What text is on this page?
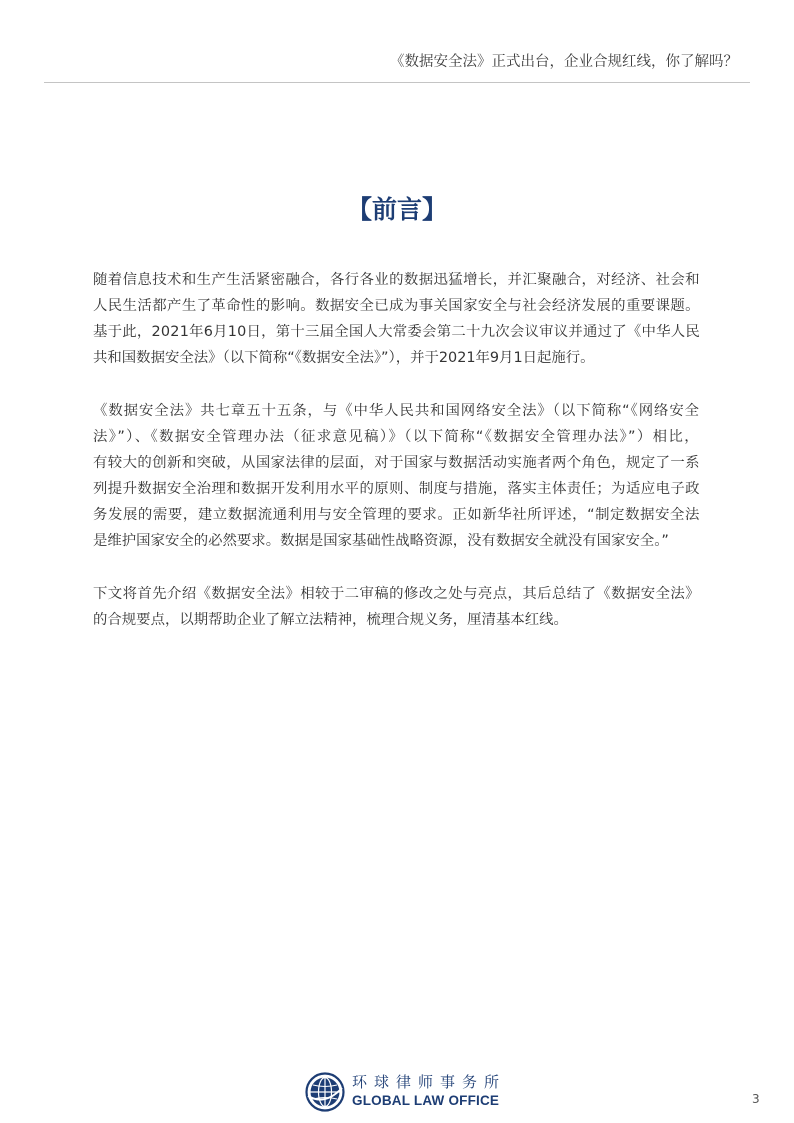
《数据安全法》正式出台，企业合规红线，你了解吗？
【前言】
随着信息技术和生产生活紧密融合，各行各业的数据迅猛增长，并汇聚融合，对经济、社会和
人民生活都产生了革命性的影响。数据安全已成为事关国家安全与社会经济发展的重要课题。
基于此，2021年6月10日，第十三届全国人大常委会第二十九次会议审议并通过了《中华人民
共和国数据安全法》（以下简称“《数据安全法》”），并于2021年9月1日起施行。
《数据安全法》共七章五十五条，与《中华人民共和国网络安全法》（以下简称“《网络安全
法》”）、《数据安全管理办法（征求意见稿）》（以下简称“《数据安全管理办法》”）相比，
有较大的创新和突破，从国家法律的层面，对于国家与数据活动实施者两个角色，规定了一系
列提升数据安全治理和数据开发利用水平的原则、制度与措施，落实主体责任；为适应电子政
务发展的需要，建立数据流通利用与安全管理的要求。正如新华社所评述，“制定数据安全法
是维护国家安全的必然要求。数据是国家基础性战略资源，没有数据安全就没有国家安全。”
下文将首先介绍《数据安全法》相较于二审稿的修改之处与亮点，其后总结了《数据安全法》
的合规要点，以期帮助企业了解立法精神，梳理合规义务，厘清基本红线。
环球律师事务所
GLOBAL LAW OFFICE	3
